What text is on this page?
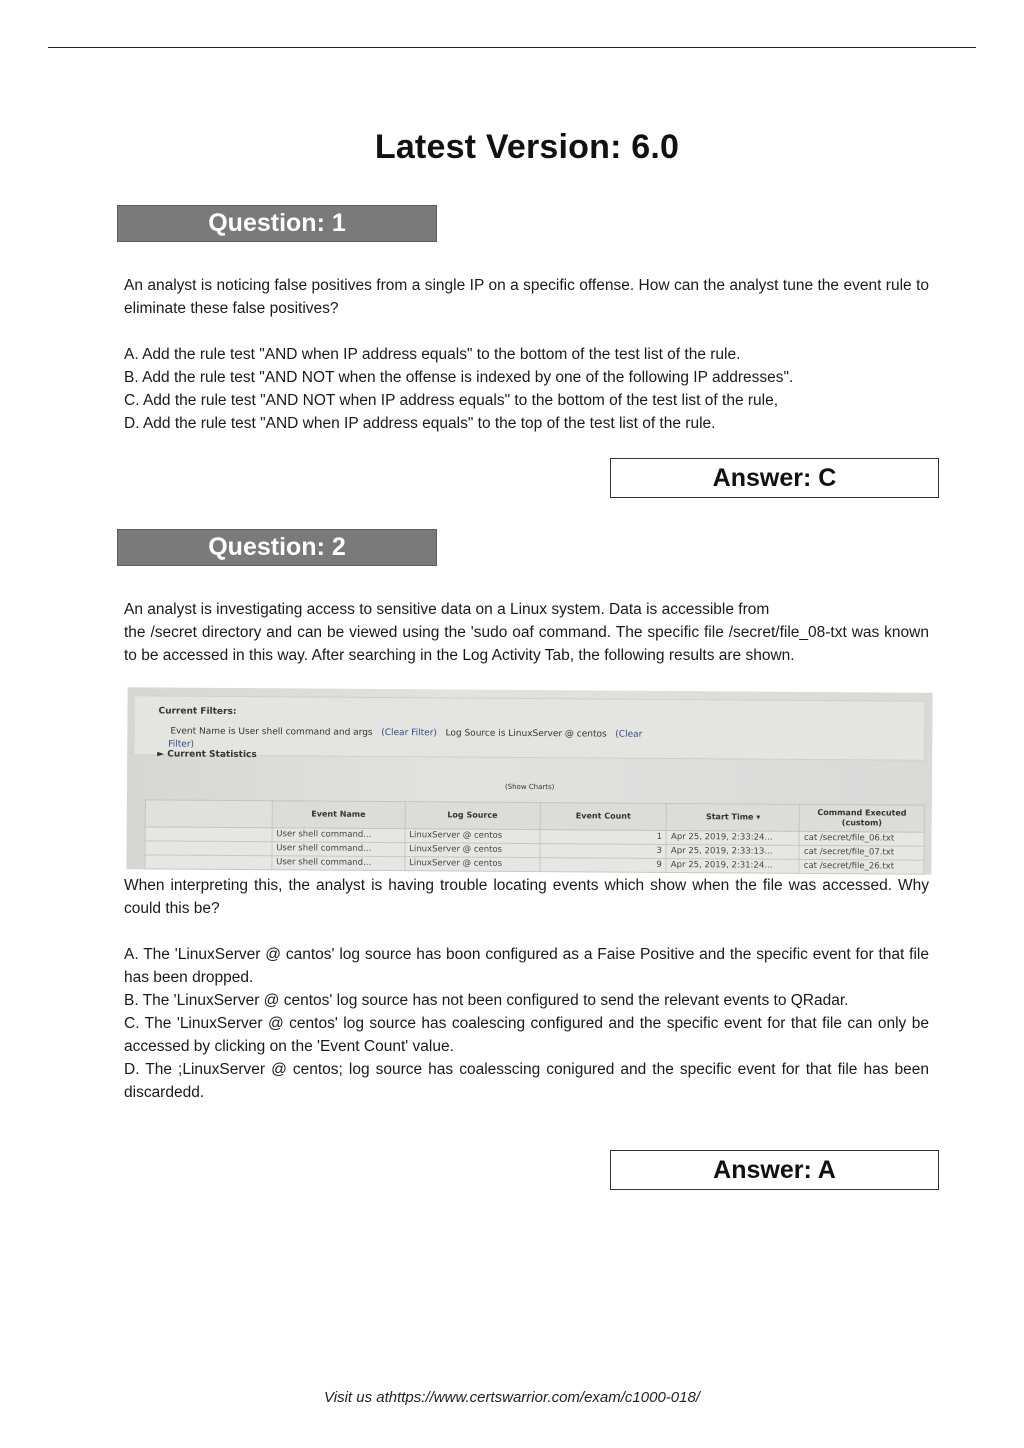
Latest Version: 6.0
Question: 1

An analyst is noticing false positives from a single IP on a specific offense. How can the analyst tune the event rule to eliminate these false positives?

A. Add the rule test "AND when IP address equals" to the bottom of the test list of the rule.

B. Add the rule test "AND NOT when the offense is indexed by one of the following IP addresses".

C. Add the rule test "AND NOT when IP address equals" to the bottom of the test list of the rule,

D. Add the rule test "AND when IP address equals" to the top of the test list of the rule.

Answer: C
Question: 2

An analyst is investigating access to sensitive data on a Linux system. Data is accessible from

the /secret directory and can be viewed using the 'sudo oaf command. The specific file /secret/file_08-txt was known to be accessed in this way. After searching in the Log Activity Tab, the following results are shown.

Current Filters:
Event Name is User shell command and args (Clear Filter) Log Source is LinuxServer @ centos (Clear
Filter)
► Current Statistics
(Show Charts)
	Event Name	Log Source	Event Count	Start Time ▾	Command Executed (custom)
	User shell command...	LinuxServer @ centos	1	Apr 25, 2019, 2:33:24...	cat /secret/file_06.txt
	User shell command...	LinuxServer @ centos	3	Apr 25, 2019, 2:33:13...	cat /secret/file_07.txt
	User shell command...	LinuxServer @ centos	9	Apr 25, 2019, 2:31:24...	cat /secret/file_26.txt

When interpreting this, the analyst is having trouble locating events which show when the file was accessed. Why could this be?

A. The 'LinuxServer @ cantos' log source has boon configured as a Faise Positive and the specific event for that file has been dropped.

B. The 'LinuxServer @ centos' log source has not been configured to send the relevant events to QRadar.

C. The 'LinuxServer @ centos' log source has coalescing configured and the specific event for that file can only be accessed by clicking on the 'Event Count' value.

D. The ;LinuxServer @ centos; log source has coalesscing conigured and the specific event for that file has been discardedd.

Answer: A
Visit us athttps://www.certswarrior.com/exam/c1000-018/
